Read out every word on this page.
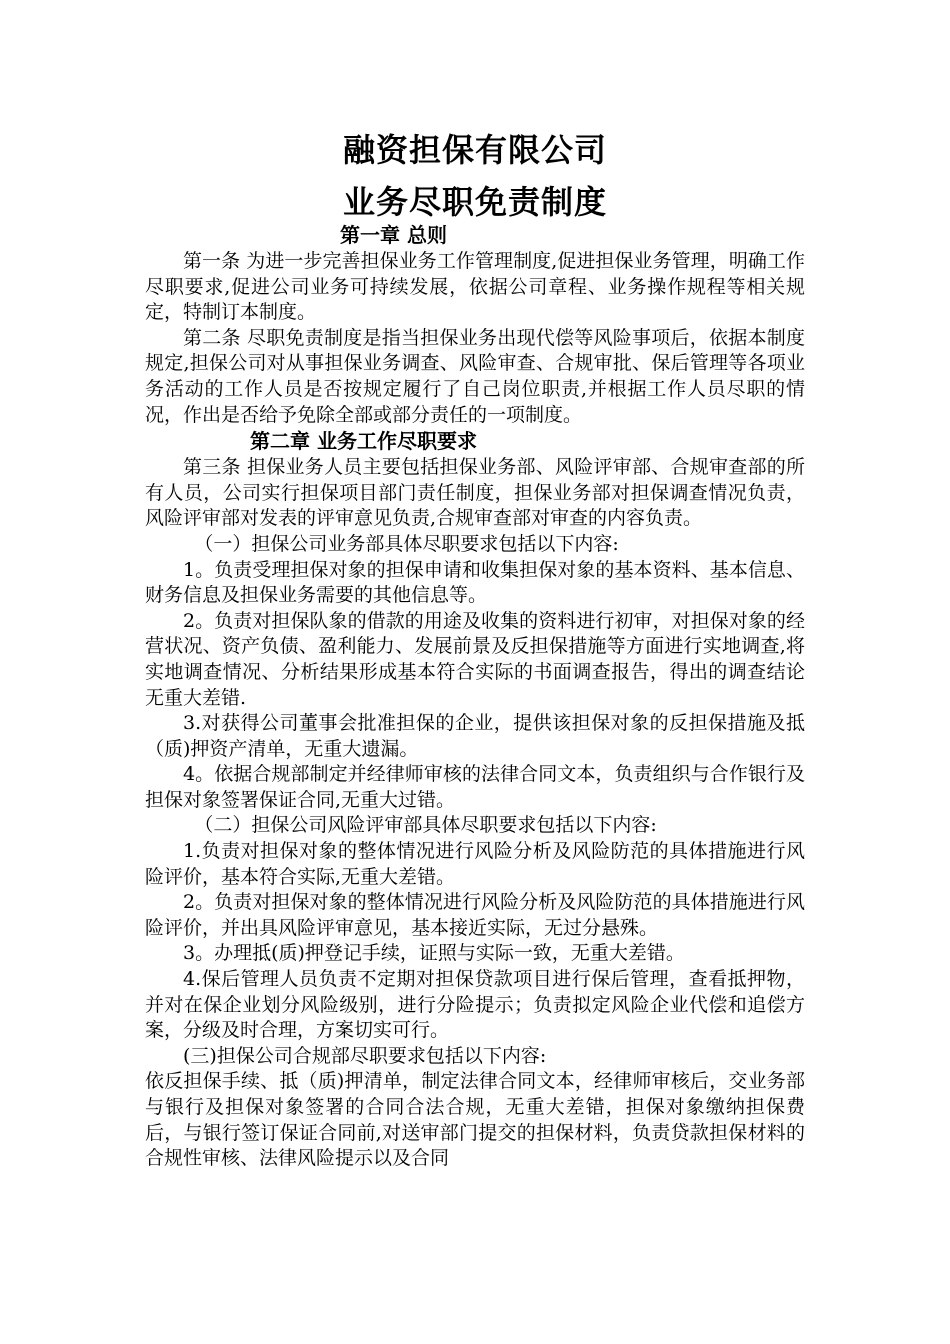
融资担保有限公司
业务尽职免责制度
第一章 总则

第一条 为进一步完善担保业务工作管理制度,促进担保业务管理，明确工作尽职要求,促进公司业务可持续发展，依据公司章程、业务操作规程等相关规定，特制订本制度。

第二条 尽职免责制度是指当担保业务出现代偿等风险事项后，依据本制度规定,担保公司对从事担保业务调查、风险审查、合规审批、保后管理等各项业务活动的工作人员是否按规定履行了自己岗位职责,并根据工作人员尽职的情况，作出是否给予免除全部或部分责任的一项制度。

第二章 业务工作尽职要求

第三条 担保业务人员主要包括担保业务部、风险评审部、合规审查部的所有人员，公司实行担保项目部门责任制度，担保业务部对担保调查情况负责，风险评审部对发表的评审意见负责,合规审查部对审查的内容负责。

（一）担保公司业务部具体尽职要求包括以下内容:

1。负责受理担保对象的担保申请和收集担保对象的基本资料、基本信息、财务信息及担保业务需要的其他信息等。

2。负责对担保队象的借款的用途及收集的资料进行初审，对担保对象的经营状况、资产负债、盈利能力、发展前景及反担保措施等方面进行实地调查,将实地调查情况、分析结果形成基本符合实际的书面调查报告，得出的调查结论无重大差错.

3.对获得公司董事会批准担保的企业，提供该担保对象的反担保措施及抵（质)押资产清单，无重大遗漏。

4。依据合规部制定并经律师审核的法律合同文本，负责组织与合作银行及担保对象签署保证合同,无重大过错。

（二）担保公司风险评审部具体尽职要求包括以下内容:

1.负责对担保对象的整体情况进行风险分析及风险防范的具体措施进行风险评价，基本符合实际,无重大差错。

2。负责对担保对象的整体情况进行风险分析及风险防范的具体措施进行风险评价，并出具风险评审意见，基本接近实际，无过分悬殊。

3。办理抵(质)押登记手续，证照与实际一致，无重大差错。

4.保后管理人员负责不定期对担保贷款项目进行保后管理，查看抵押物，并对在保企业划分风险级别，进行分险提示；负责拟定风险企业代偿和追偿方案，分级及时合理，方案切实可行。

(三)担保公司合规部尽职要求包括以下内容:

依反担保手续、抵（质)押清单，制定法律合同文本，经律师审核后，交业务部与银行及担保对象签署的合同合法合规，无重大差错，担保对象缴纳担保费后，与银行签订保证合同前,对送审部门提交的担保材料，负责贷款担保材料的合规性审核、法律风险提示以及合同
